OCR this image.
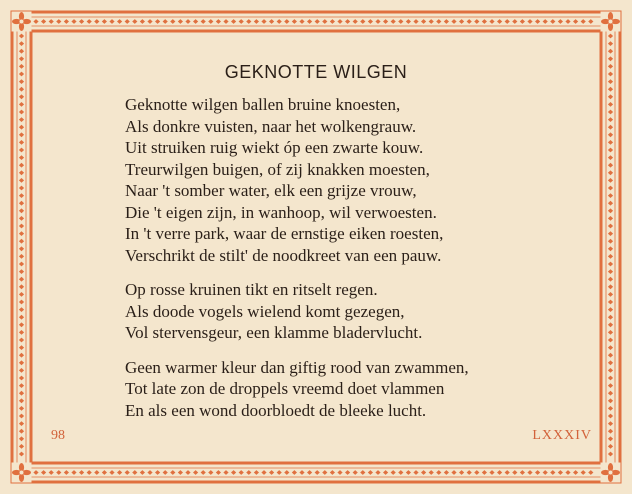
GEKNOTTE WILGEN

Geknotte wilgen ballen bruine knoesten,
Als donkre vuisten, naar het wolkengrauw.
Uit struiken ruig wiekt óp een zwarte kouw.
Treurwilgen buigen, of zij knakken moesten,
Naar 't somber water, elk een grijze vrouw,
Die 't eigen zijn, in wanhoop, wil verwoesten.
In 't verre park, waar de ernstige eiken roesten,
Verschrikt de stilt' de noodkreet van een pauw.

Op rosse kruinen tikt en ritselt regen.
Als doode vogels wielend komt gezegen,
Vol stervensgeur, een klamme bladervlucht.

Geen warmer kleur dan giftig rood van zwammen,
Tot late zon de droppels vreemd doet vlammen
En als een wond doorbloedt de bleeke lucht.

98	LXXXIV
